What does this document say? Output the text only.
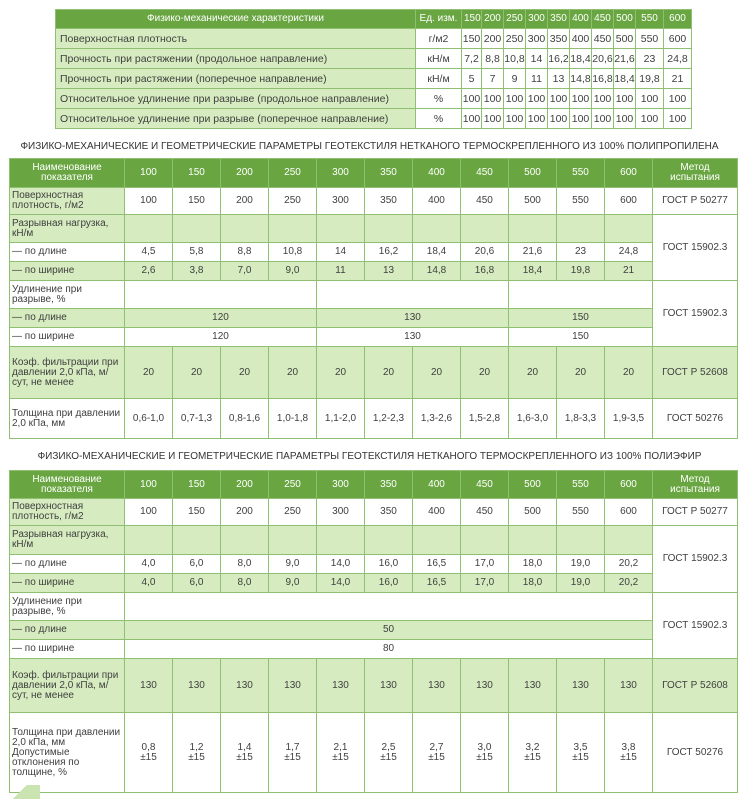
Физико-механические характеристики	Ед. изм.	150	200	250	300	350	400	450	500	550	600
Поверхностная плотность	г/м2	150	200	250	300	350	400	450	500	550	600
Прочность при растяжении (продольное направление)	кН/м	7,2	8,8	10,8	14	16,2	18,4	20,6	21,6	23	24,8
Прочность при растяжении (поперечное направление)	кН/м	5	7	9	11	13	14,8	16,8	18,4	19,8	21
Относительное удлинение при разрыве (продольное направление)	%	100	100	100	100	100	100	100	100	100	100
Относительное удлинение при разрыве (поперечное направление)	%	100	100	100	100	100	100	100	100	100	100
ФИЗИКО-МЕХАНИЧЕСКИЕ И ГЕОМЕТРИЧЕСКИЕ ПАРАМЕТРЫ ГЕОТЕКСТИЛЯ НЕТКАНОГО ТЕРМОСКРЕПЛЕННОГО ИЗ 100% ПОЛИПРОПИЛЕНА
Наименование показателя	100	150	200	250	300	350	400	450	500	550	600	Метод испытания
Поверхностная плотность, г/м2	100	150	200	250	300	350	400	450	500	550	600	ГОСТ Р 50277
Разрывная нагрузка, кН/м												ГОСТ 15902.3
— по длине	4,5	5,8	8,8	10,8	14	16,2	18,4	20,6	21,6	23	24,8	
— по ширине	2,6	3,8	7,0	9,0	11	13	14,8	16,8	18,4	19,8	21	
Удлинение при разрыве, %												ГОСТ 15902.3
— по длине	120				130				150			
— по ширине	120				130				150			
Коэф. фильтрации при давлении 2,0 кПа, м/сут, не менее	20	20	20	20	20	20	20	20	20	20	20	ГОСТ Р 52608
Толщина при давлении 2,0 кПа, мм	0,6-1,0	0,7-1,3	0,8-1,6	1,0-1,8	1,1-2,0	1,2-2,3	1,3-2,6	1,5-2,8	1,6-3,0	1,8-3,3	1,9-3,5	ГОСТ 50276
ФИЗИКО-МЕХАНИЧЕСКИЕ И ГЕОМЕТРИЧЕСКИЕ ПАРАМЕТРЫ ГЕОТЕКСТИЛЯ НЕТКАНОГО ТЕРМОСКРЕПЛЕННОГО ИЗ 100% ПОЛИЭФИР
Наименование показателя	100	150	200	250	300	350	400	450	500	550	600	Метод испытания
Поверхностная плотность, г/м2	100	150	200	250	300	350	400	450	500	550	600	ГОСТ Р 50277
Разрывная нагрузка, кН/м												ГОСТ 15902.3
— по длине	4,0	6,0	8,0	9,0	14,0	16,0	16,5	17,0	18,0	19,0	20,2	
— по ширине	4,0	6,0	8,0	9,0	14,0	16,0	16,5	17,0	18,0	19,0	20,2	
Удлинение при разрыве, %												ГОСТ 15902.3
— по длине	50											
— по ширине	80											
Коэф. фильтрации при давлении 2,0 кПа, м/сут, не менее	130	130	130	130	130	130	130	130	130	130	130	ГОСТ Р 52608
Толщина при давлении 2,0 кПа, мм Допустимые отклонения по толщине, %	0,8 ±15	1,2 ±15	1,4 ±15	1,7 ±15	2,1 ±15	2,5 ±15	2,7 ±15	3,0 ±15	3,2 ±15	3,5 ±15	3,8 ±15	ГОСТ 50276
